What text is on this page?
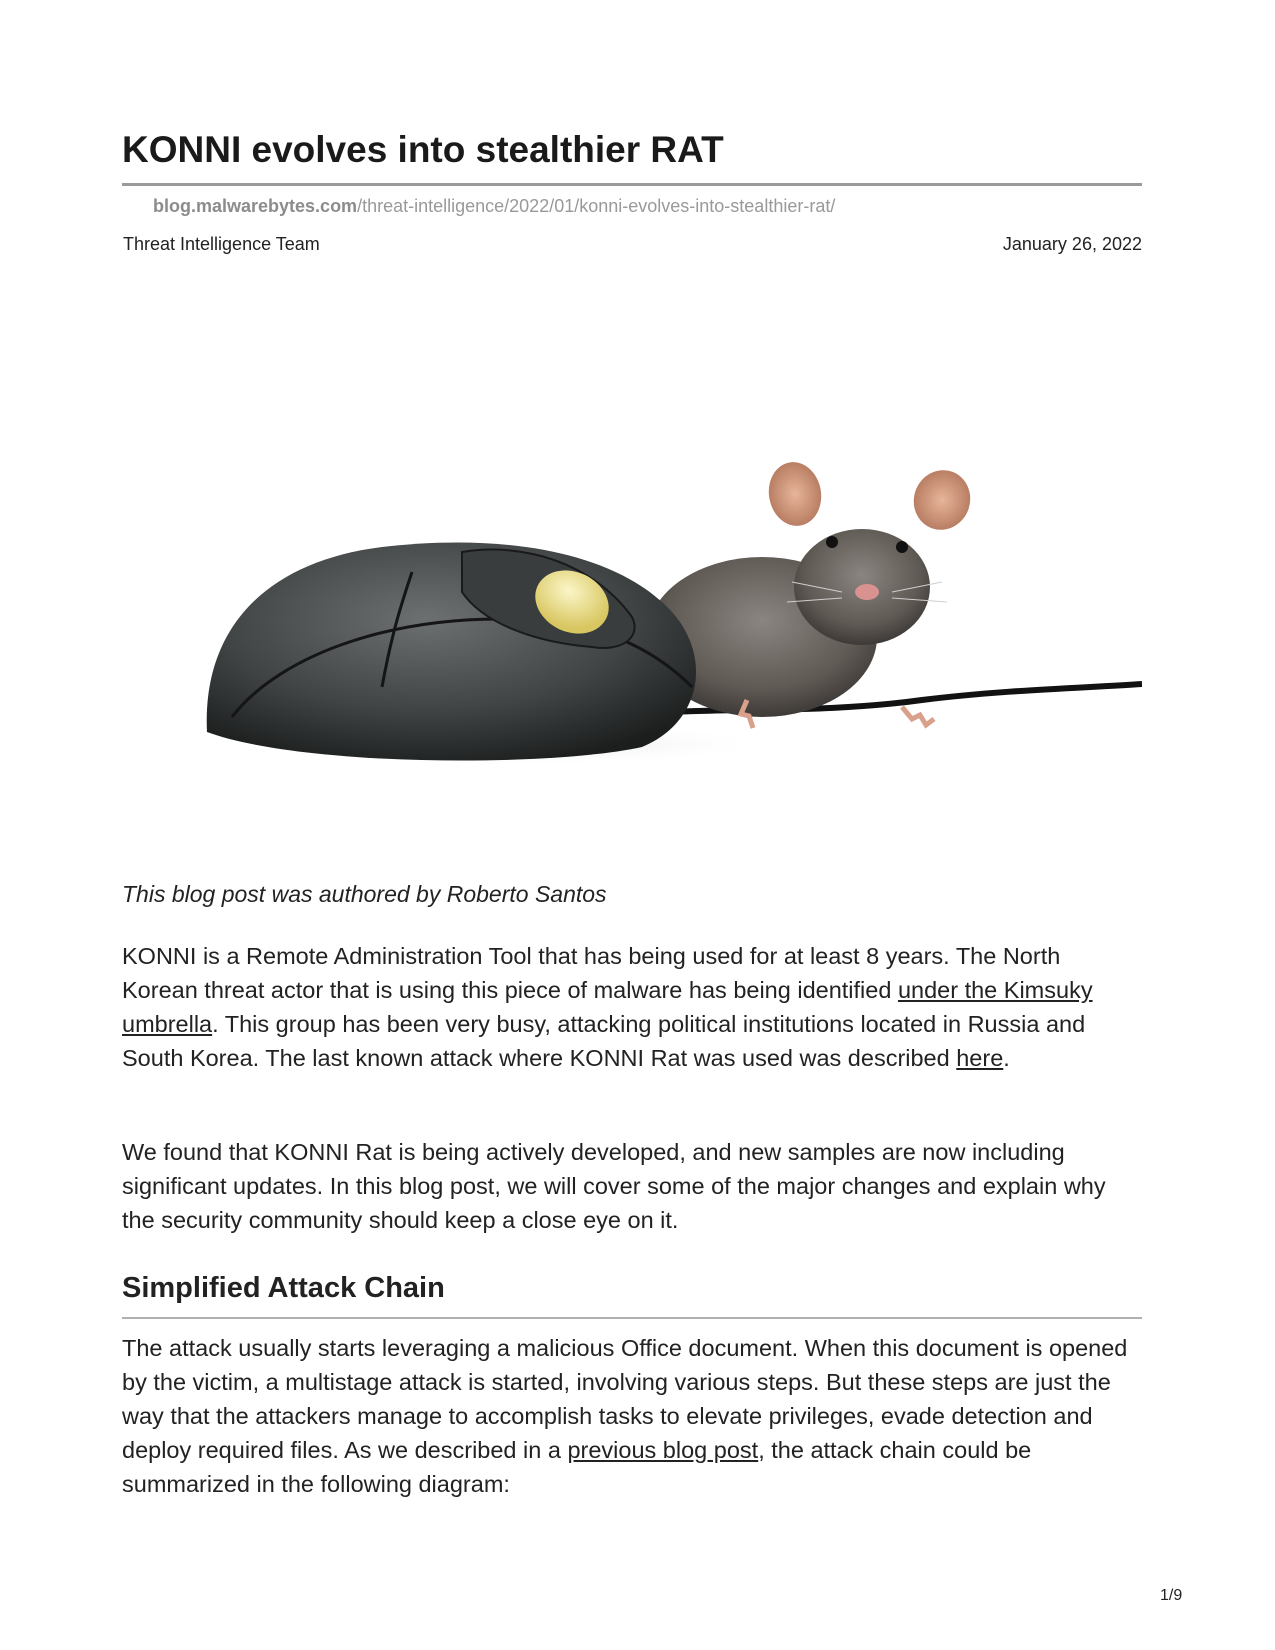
KONNI evolves into stealthier RAT
blog.malwarebytes.com/threat-intelligence/2022/01/konni-evolves-into-stealthier-rat/
Threat Intelligence Team	January 26, 2022
This blog post was authored by Roberto Santos

KONNI is a Remote Administration Tool that has being used for at least 8 years. The North Korean threat actor that is using this piece of malware has being identified under the Kimsuky umbrella. This group has been very busy, attacking political institutions located in Russia and South Korea. The last known attack where KONNI Rat was used was described here.

We found that KONNI Rat is being actively developed, and new samples are now including significant updates. In this blog post, we will cover some of the major changes and explain why the security community should keep a close eye on it.

Simplified Attack Chain

The attack usually starts leveraging a malicious Office document. When this document is opened by the victim, a multistage attack is started, involving various steps. But these steps are just the way that the attackers manage to accomplish tasks to elevate privileges, evade detection and deploy required files. As we described in a previous blog post, the attack chain could be summarized in the following diagram:

1/9
